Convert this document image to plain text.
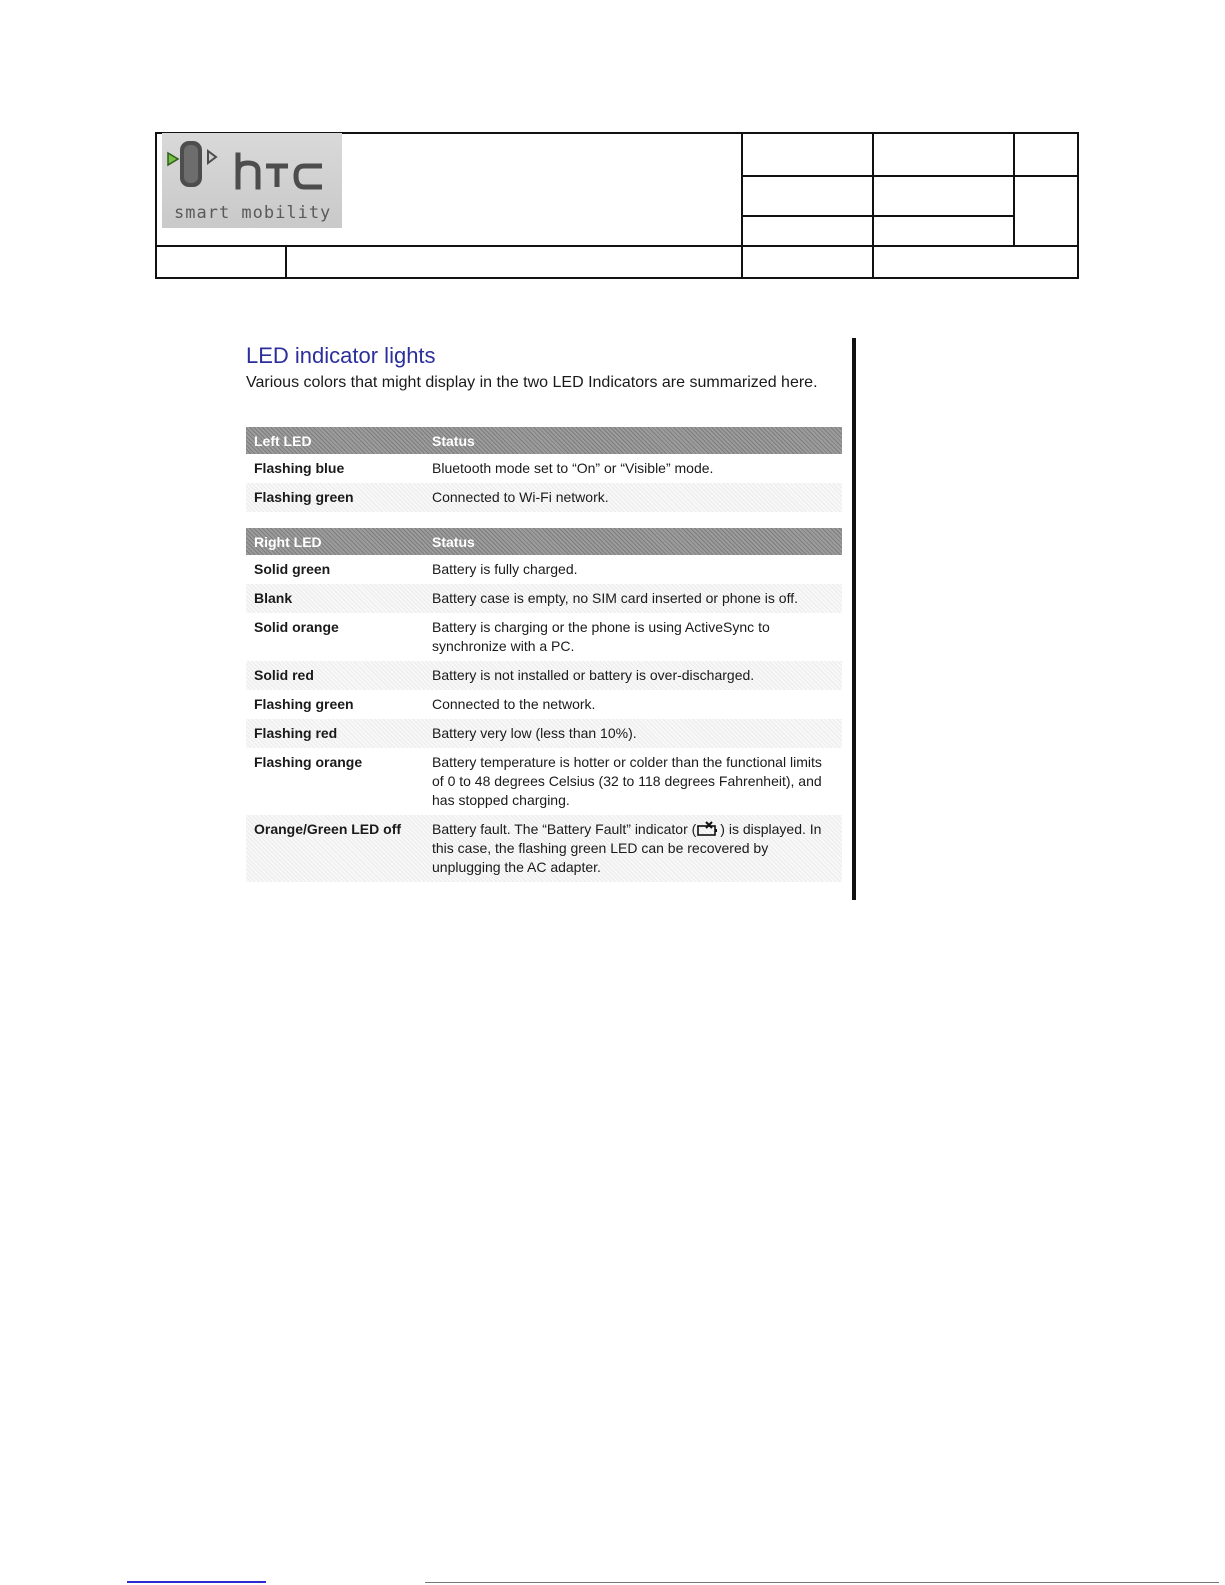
smart mobility
LED indicator lights
Various colors that might display in the two LED Indicators are summarized here.
Left LED	Status
Flashing blue	Bluetooth mode set to “On” or “Visible” mode.
Flashing green	Connected to Wi-Fi network.
Right LED	Status
Solid green	Battery is fully charged.
Blank	Battery case is empty, no SIM card inserted or phone is off.
Solid orange	Battery is charging or the phone is using ActiveSync to synchronize with a PC.
Solid red	Battery is not installed or battery is over-discharged.
Flashing green	Connected to the network.
Flashing red	Battery very low (less than 10%).
Flashing orange	Battery temperature is hotter or colder than the functional limits of 0 to 48 degrees Celsius (32 to 118 degrees Fahrenheit), and has stopped charging.
Orange/Green LED off	Battery fault. The “Battery Fault” indicator ( ) is displayed. In this case, the flashing green LED can be recovered by unplugging the AC adapter.
